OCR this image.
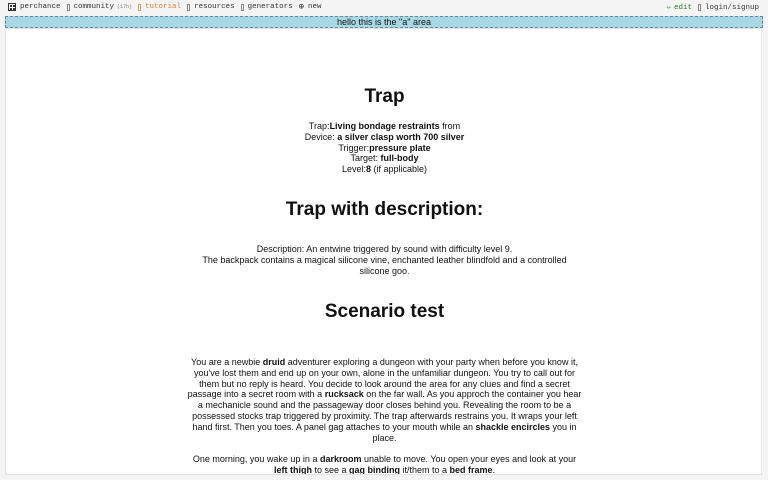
perchance community (17h) tutorial resources generators ⊕ new	✏ edit login/signup
hello this is the "a" area
Trap
Trap:Living bondage restraints from
Device: a silver clasp worth 700 silver
Trigger:pressure plate
Target: full-body
Level:8 (if applicable)
Trap with description:
Description: An entwine triggered by sound with difficulty level 9.
The backpack contains a magical silicone vine, enchanted leather blindfold and a controlled silicone goo.
Scenario test
You are a newbie druid adventurer exploring a dungeon with your party when before you know it, you've lost them and end up on your own, alone in the unfamiliar dungeon. You try to call out for them but no reply is heard. You decide to look around the area for any clues and find a secret passage into a secret room with a rucksack on the far wall. As you approch the container you hear a mechanicle sound and the passageway door closes behind you. Revealing the room to be a possessed stocks trap triggered by proximity. The trap afterwards restrains you. It wraps your left hand first. Then you toes. A panel gag attaches to your mouth while an shackle encircles you in place.
One morning, you wake up in a darkroom unable to move. You open your eyes and look at your left thigh to see a gag binding it/them to a bed frame.
